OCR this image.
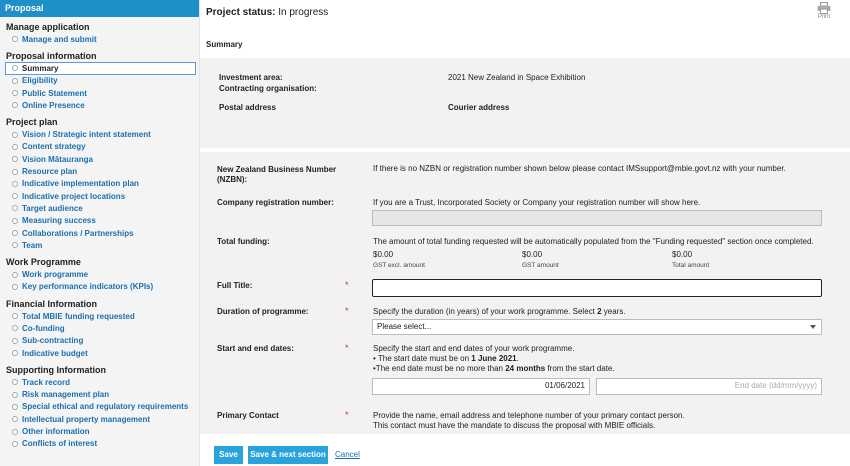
Proposal
Manage application
Manage and submit
Proposal information
Summary
Eligibility
Public Statement
Online Presence
Project plan
Vision / Strategic intent statement
Content strategy
Vision Mātauranga
Resource plan
Indicative implementation plan
Indicative project locations
Target audience
Measuring success
Collaborations / Partnerships
Team
Work Programme
Work programme
Key performance indicators (KPIs)
Financial Information
Total MBIE funding requested
Co-funding
Sub-contracting
Indicative budget
Supporting Information
Track record
Risk management plan
Special ethical and regulatory requirements
Intellectual property management
Other information
Conflicts of interest
Project status: In progress	Print
Summary
Investment area:	2021 New Zealand in Space Exhibition
Contracting organisation:
Postal address	Courier address
New Zealand Business Number
(NZBN):
If there is no NZBN or registration number shown below please contact IMSsupport@mbie.govt.nz with your number.
Company registration number:	If you are a Trust, Incorporated Society or Company your registration number will show here.
Total funding:	The amount of total funding requested will be automatically populated from the "Funding requested" section once completed.
$0.00
GST excl. amount
$0.00
GST amount
$0.00
Total amount
Full Title:	*
Duration of programme:	*	Specify the duration (in years) of your work programme. Select 2 years.
Please select...
Start and end dates:	*	Specify the start and end dates of your work programme.
• The start date must be on 1 June 2021.
•The end date must be no more than 24 months from the start date.
01/06/2021	End date (dd/mm/yyyy)
Primary Contact	*	Provide the name, email address and telephone number of your primary contact person.
This contact must have the mandate to discuss the proposal with MBIE officials.
Save	Save & next section Cancel
